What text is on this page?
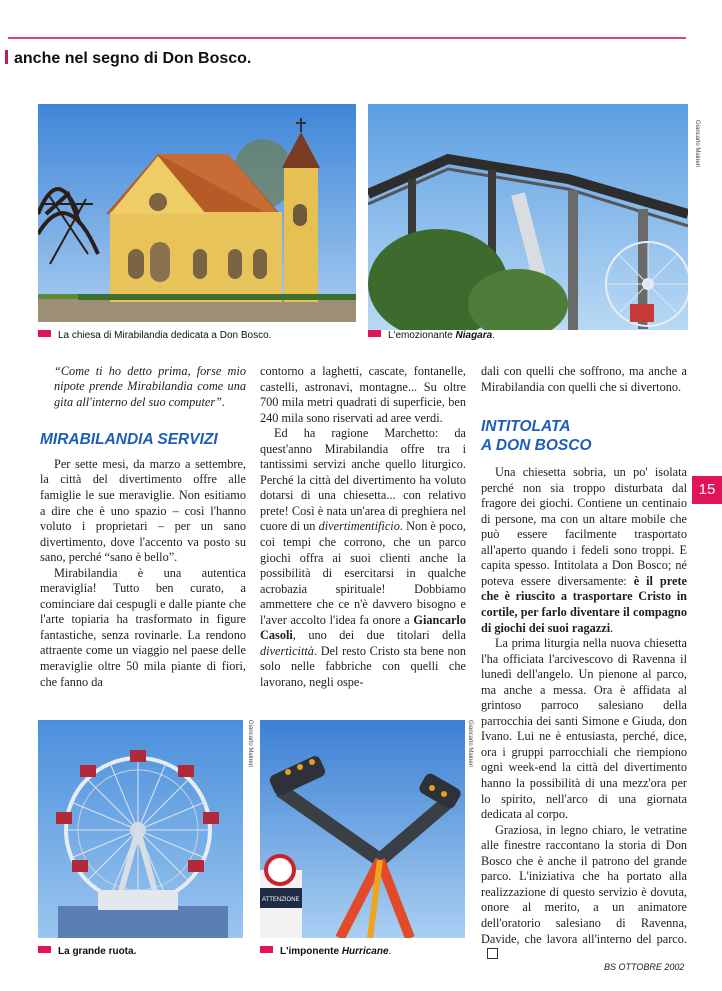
anche nel segno di Don Bosco.
La chiesa di Mirabilandia dedicata a Don Bosco.
Giancarlo Maineri
L'emozionante Niagara.

“Come ti ho detto prima, forse mio nipote prende Mirabilandia come una gita all'interno del suo computer”.

MIRABILANDIA SERVIZI

Per sette mesi, da marzo a settembre, la città del divertimento offre alle famiglie le sue meraviglie. Non esitiamo a dire che è uno spazio – così l'hanno voluto i proprietari – per un sano divertimento, dove l'accento va posto su sano, perché “sano è bello”.

Mirabilandia è una autentica meraviglia! Tutto ben curato, a cominciare dai cespugli e dalle piante che l'arte topiaria ha trasformato in figure fantastiche, senza rovinarle. La rendono attraente come un viaggio nel paese delle meraviglie oltre 50 mila piante di fiori, che fanno da

contorno a laghetti, cascate, fontanelle, castelli, astronavi, montagne... Su oltre 700 mila metri quadrati di superficie, ben 240 mila sono riservati ad aree verdi.

Ed ha ragione Marchetto: da quest'anno Mirabilandia offre tra i tantissimi servizi anche quello liturgico. Perché la città del divertimento ha voluto dotarsi di una chiesetta... con relativo prete! Così è nata un'area di preghiera nel cuore di un divertimentificio. Non è poco, coi tempi che corrono, che un parco giochi offra ai suoi clienti anche la possibilità di esercitarsi in qualche acrobazia spirituale! Dobbiamo ammettere che ce n'è davvero bisogno e l'aver accolto l'idea fa onore a Giancarlo Casoli, uno dei due titolari della divertìcittà. Del resto Cristo sta bene non solo nelle fabbriche con quelli che lavorano, negli ospe-

dali con quelli che soffrono, ma anche a Mirabilandia con quelli che si divertono.

INTITOLATA
A DON BOSCO

Una chiesetta sobria, un po' isolata perché non sia troppo disturbata dal fragore dei giochi. Contiene un centinaio di persone, ma con un altare mobile che può essere facilmente trasportato all'aperto quando i fedeli sono troppi. E capita spesso. Intitolata a Don Bosco; né poteva essere diversamente: è il prete che è riuscito a trasportare Cristo in cortile, per farlo diventare il compagno di giochi dei suoi ragazzi.

La prima liturgia nella nuova chiesetta l'ha officiata l'arcivescovo di Ravenna il lunedì dell'angelo. Un pienone al parco, ma anche a messa. Ora è affidata al grintoso parroco salesiano della parrocchia dei santi Simone e Giuda, don Ivano. Lui ne è entusiasta, perché, dice, ora i gruppi parrocchiali che riempiono ogni week-end la città del divertimento hanno la possibilità di una mezz'ora per lo spirito, nell'arco di una giornata dedicata al corpo.

Graziosa, in legno chiaro, le vetratine alle finestre raccontano la storia di Don Bosco che è anche il patrono del grande parco. L'iniziativa che ha portato alla realizzazione di questo servizio è dovuta, onore al merito, a un animatore dell'oratorio salesiano di Ravenna, Davide, che lavora all'interno del parco.

Giancarlo Maineri
La grande ruota.
ATTENZIONE
Giancarlo Maineri
L'imponente Hurricane.
15
BS OTTOBRE 2002
